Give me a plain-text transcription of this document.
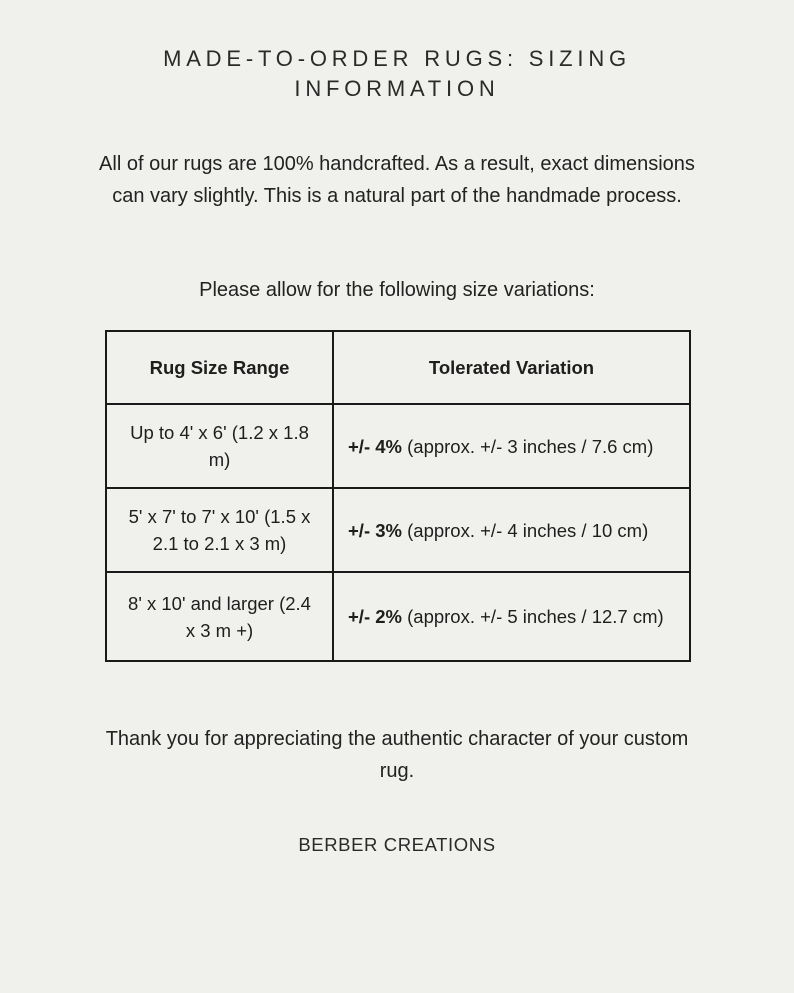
MADE-TO-ORDER RUGS: SIZING INFORMATION

All of our rugs are 100% handcrafted. As a result, exact dimensions can vary slightly. This is a natural part of the handmade process.

Please allow for the following size variations:

Rug Size Range	Tolerated Variation
Up to 4' x 6' (1.2 x 1.8 m)	+/- 4% (approx. +/- 3 inches / 7.6 cm)
5' x 7' to 7' x 10' (1.5 x 2.1 to 2.1 x 3 m)	+/- 3% (approx. +/- 4 inches / 10 cm)
8' x 10' and larger (2.4 x 3 m +)	+/- 2% (approx. +/- 5 inches / 12.7 cm)

Thank you for appreciating the authentic character of your custom rug.

BERBER CREATIONS
